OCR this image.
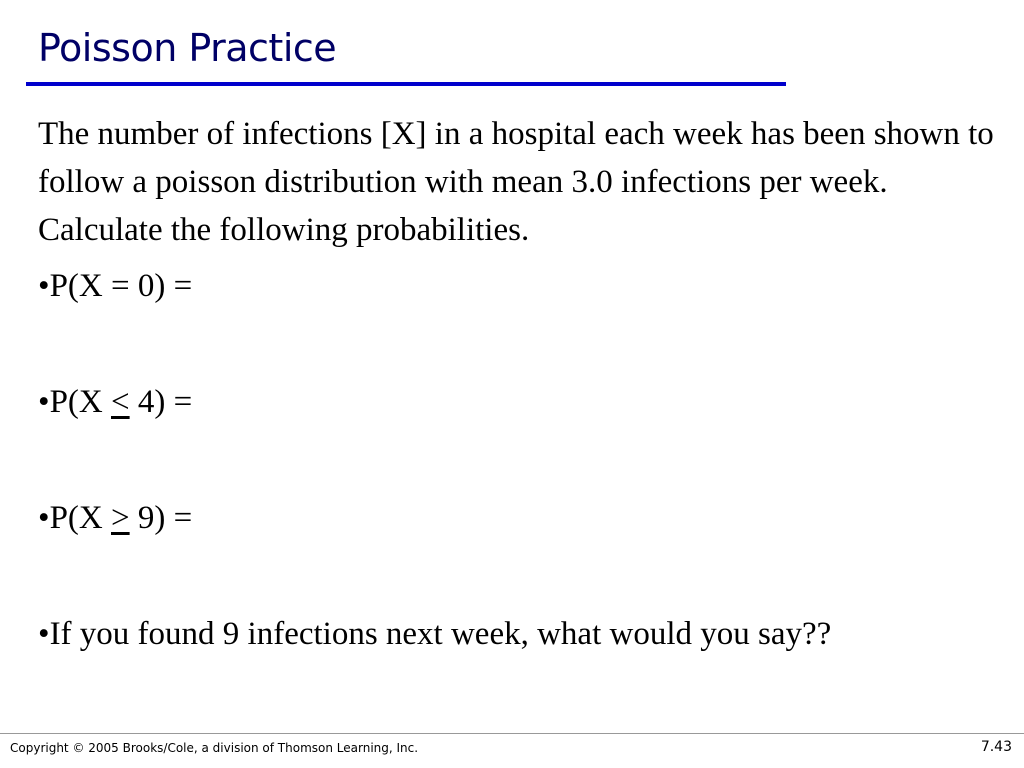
Poisson Practice

The number of infections [X] in a hospital each week has been shown to follow a poisson distribution with mean 3.0 infections per week. Calculate the following probabilities.

• P(X = 0) =

• P(X ≤ 4) =

• P(X ≥ 9) =

• If you found 9 infections next week, what would you say??

Copyright © 2005 Brooks/Cole, a division of Thomson Learning, Inc.	7.43
